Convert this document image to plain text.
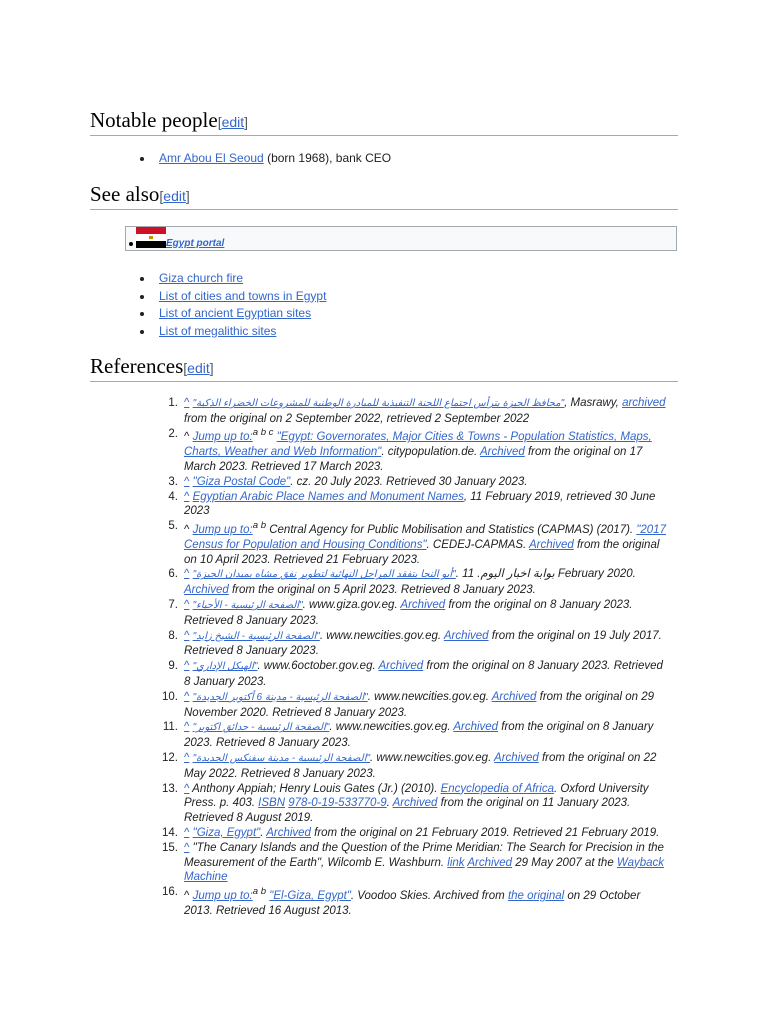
Notable people[edit]
Amr Abou El Seoud (born 1968), bank CEO
See also[edit]
Egypt portal
Giza church fire
List of cities and towns in Egypt
List of ancient Egyptian sites
List of megalithic sites
References[edit]
1. ^ "محافظ الجيزة يترأس اجتماع اللجنة التنفيذية للمبادرة الوطنية للمشروعات الخضراء الذكية", Masrawy, archived from the original on 2 September 2022, retrieved 2 September 2022
2. ^ Jump up to:$^{a b c}$ "Egypt: Governorates, Major Cities & Towns - Population Statistics, Maps, Charts, Weather and Web Information". citypopulation.de. Archived from the original on 17 March 2023. Retrieved 17 March 2023.
3. ^ "Giza Postal Code". cz. 20 July 2023. Retrieved 30 January 2023.
4. ^ Egyptian Arabic Place Names and Monument Names, 11 February 2019, retrieved 30 June 2023
5. ^ Jump up to:$^{a b}$ Central Agency for Public Mobilisation and Statistics (CAPMAS) (2017). "2017 Census for Population and Housing Conditions". CEDEJ-CAPMAS. Archived from the original on 10 April 2023. Retrieved 21 February 2023.
6. ^ "أبو النجا يتفقد المراحل النهائية لتطوير نفق مشاه بميدان الجيزة". بوابة اخبار اليوم. 11 February 2020. Archived from the original on 5 April 2023. Retrieved 8 January 2023.
7. ^ "الصفحة الرئيسية - الأحياء". www.giza.gov.eg. Archived from the original on 8 January 2023. Retrieved 8 January 2023.
8. ^ "الصفحة الرئيسية - الشيخ زايد". www.newcities.gov.eg. Archived from the original on 19 July 2017. Retrieved 8 January 2023.
9. ^ "الهيكل الإداري". www.6october.gov.eg. Archived from the original on 8 January 2023. Retrieved 8 January 2023.
10. ^ "الصفحة الرئيسية - مدينة 6 أكتوبر الجديدة". www.newcities.gov.eg. Archived from the original on 29 November 2020. Retrieved 8 January 2023.
11. ^ "الصفحة الرئيسية - حدائق اكتوبر". www.newcities.gov.eg. Archived from the original on 8 January 2023. Retrieved 8 January 2023.
12. ^ "الصفحة الرئيسية - مدينة سفنكس الجديدة". www.newcities.gov.eg. Archived from the original on 22 May 2022. Retrieved 8 January 2023.
13. ^ Anthony Appiah; Henry Louis Gates (Jr.) (2010). Encyclopedia of Africa. Oxford University Press. p. 403. ISBN 978-0-19-533770-9. Archived from the original on 11 January 2023. Retrieved 8 August 2019.
14. ^ "Giza, Egypt". Archived from the original on 21 February 2019. Retrieved 21 February 2019.
15. ^ "The Canary Islands and the Question of the Prime Meridian: The Search for Precision in the Measurement of the Earth", Wilcomb E. Washburn. link Archived 29 May 2007 at the Wayback Machine
16. ^ Jump up to:$^{a b}$ "El-Giza, Egypt". Voodoo Skies. Archived from the original on 29 October 2013. Retrieved 16 August 2013.
